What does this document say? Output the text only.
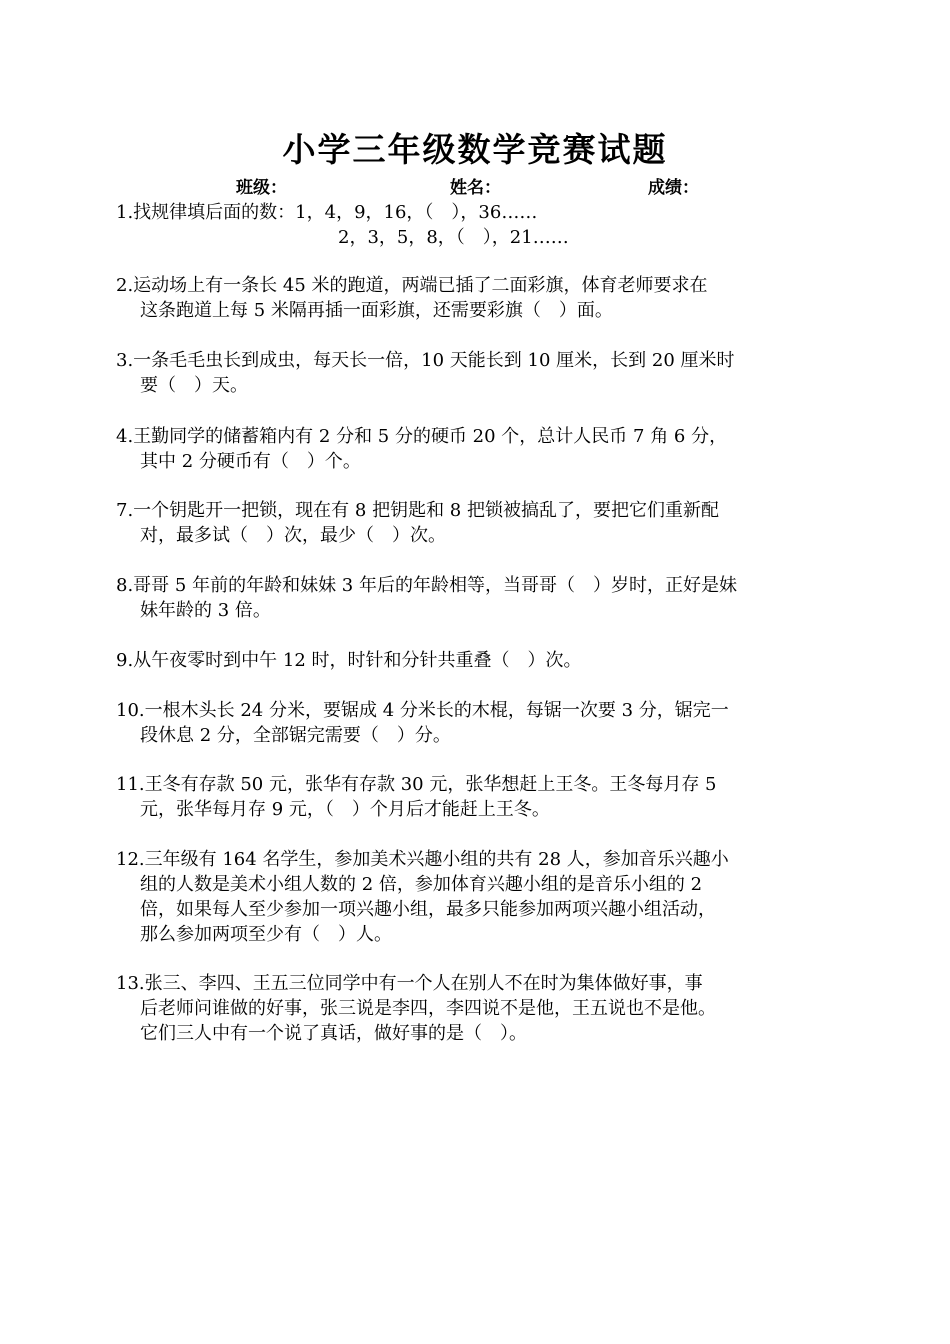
小学三年级数学竞赛试题
班级：	姓名：	成绩：
1.找规律填后面的数：1，4，9，16，（　），36……
2，3，5，8，（　），21……
2.运动场上有一条长 45 米的跑道，两端已插了二面彩旗，体育老师要求在
这条跑道上每 5 米隔再插一面彩旗，还需要彩旗（　）面。
3.一条毛毛虫长到成虫，每天长一倍，10 天能长到 10 厘米，长到 20 厘米时
要（　）天。
4.王勤同学的储蓄箱内有 2 分和 5 分的硬币 20 个，总计人民币 7 角 6 分，
其中 2 分硬币有（　）个。
7.一个钥匙开一把锁，现在有 8 把钥匙和 8 把锁被搞乱了，要把它们重新配
对，最多试（　）次，最少（　）次。
8.哥哥 5 年前的年龄和妹妹 3 年后的年龄相等，当哥哥（　）岁时，正好是妹
妹年龄的 3 倍。
9.从午夜零时到中午 12 时，时针和分针共重叠（　）次。
10.一根木头长 24 分米，要锯成 4 分米长的木棍，每锯一次要 3 分，锯完一
段休息 2 分，全部锯完需要（　）分。
11.王冬有存款 50 元，张华有存款 30 元，张华想赶上王冬。王冬每月存 5
元，张华每月存 9 元，（　）个月后才能赶上王冬。
12.三年级有 164 名学生，参加美术兴趣小组的共有 28 人，参加音乐兴趣小
组的人数是美术小组人数的 2 倍，参加体育兴趣小组的是音乐小组的 2
倍，如果每人至少参加一项兴趣小组，最多只能参加两项兴趣小组活动，
那么参加两项至少有（　）人。
13.张三、李四、王五三位同学中有一个人在别人不在时为集体做好事，事
后老师问谁做的好事，张三说是李四，李四说不是他，王五说也不是他。
它们三人中有一个说了真话，做好事的是（　）。
